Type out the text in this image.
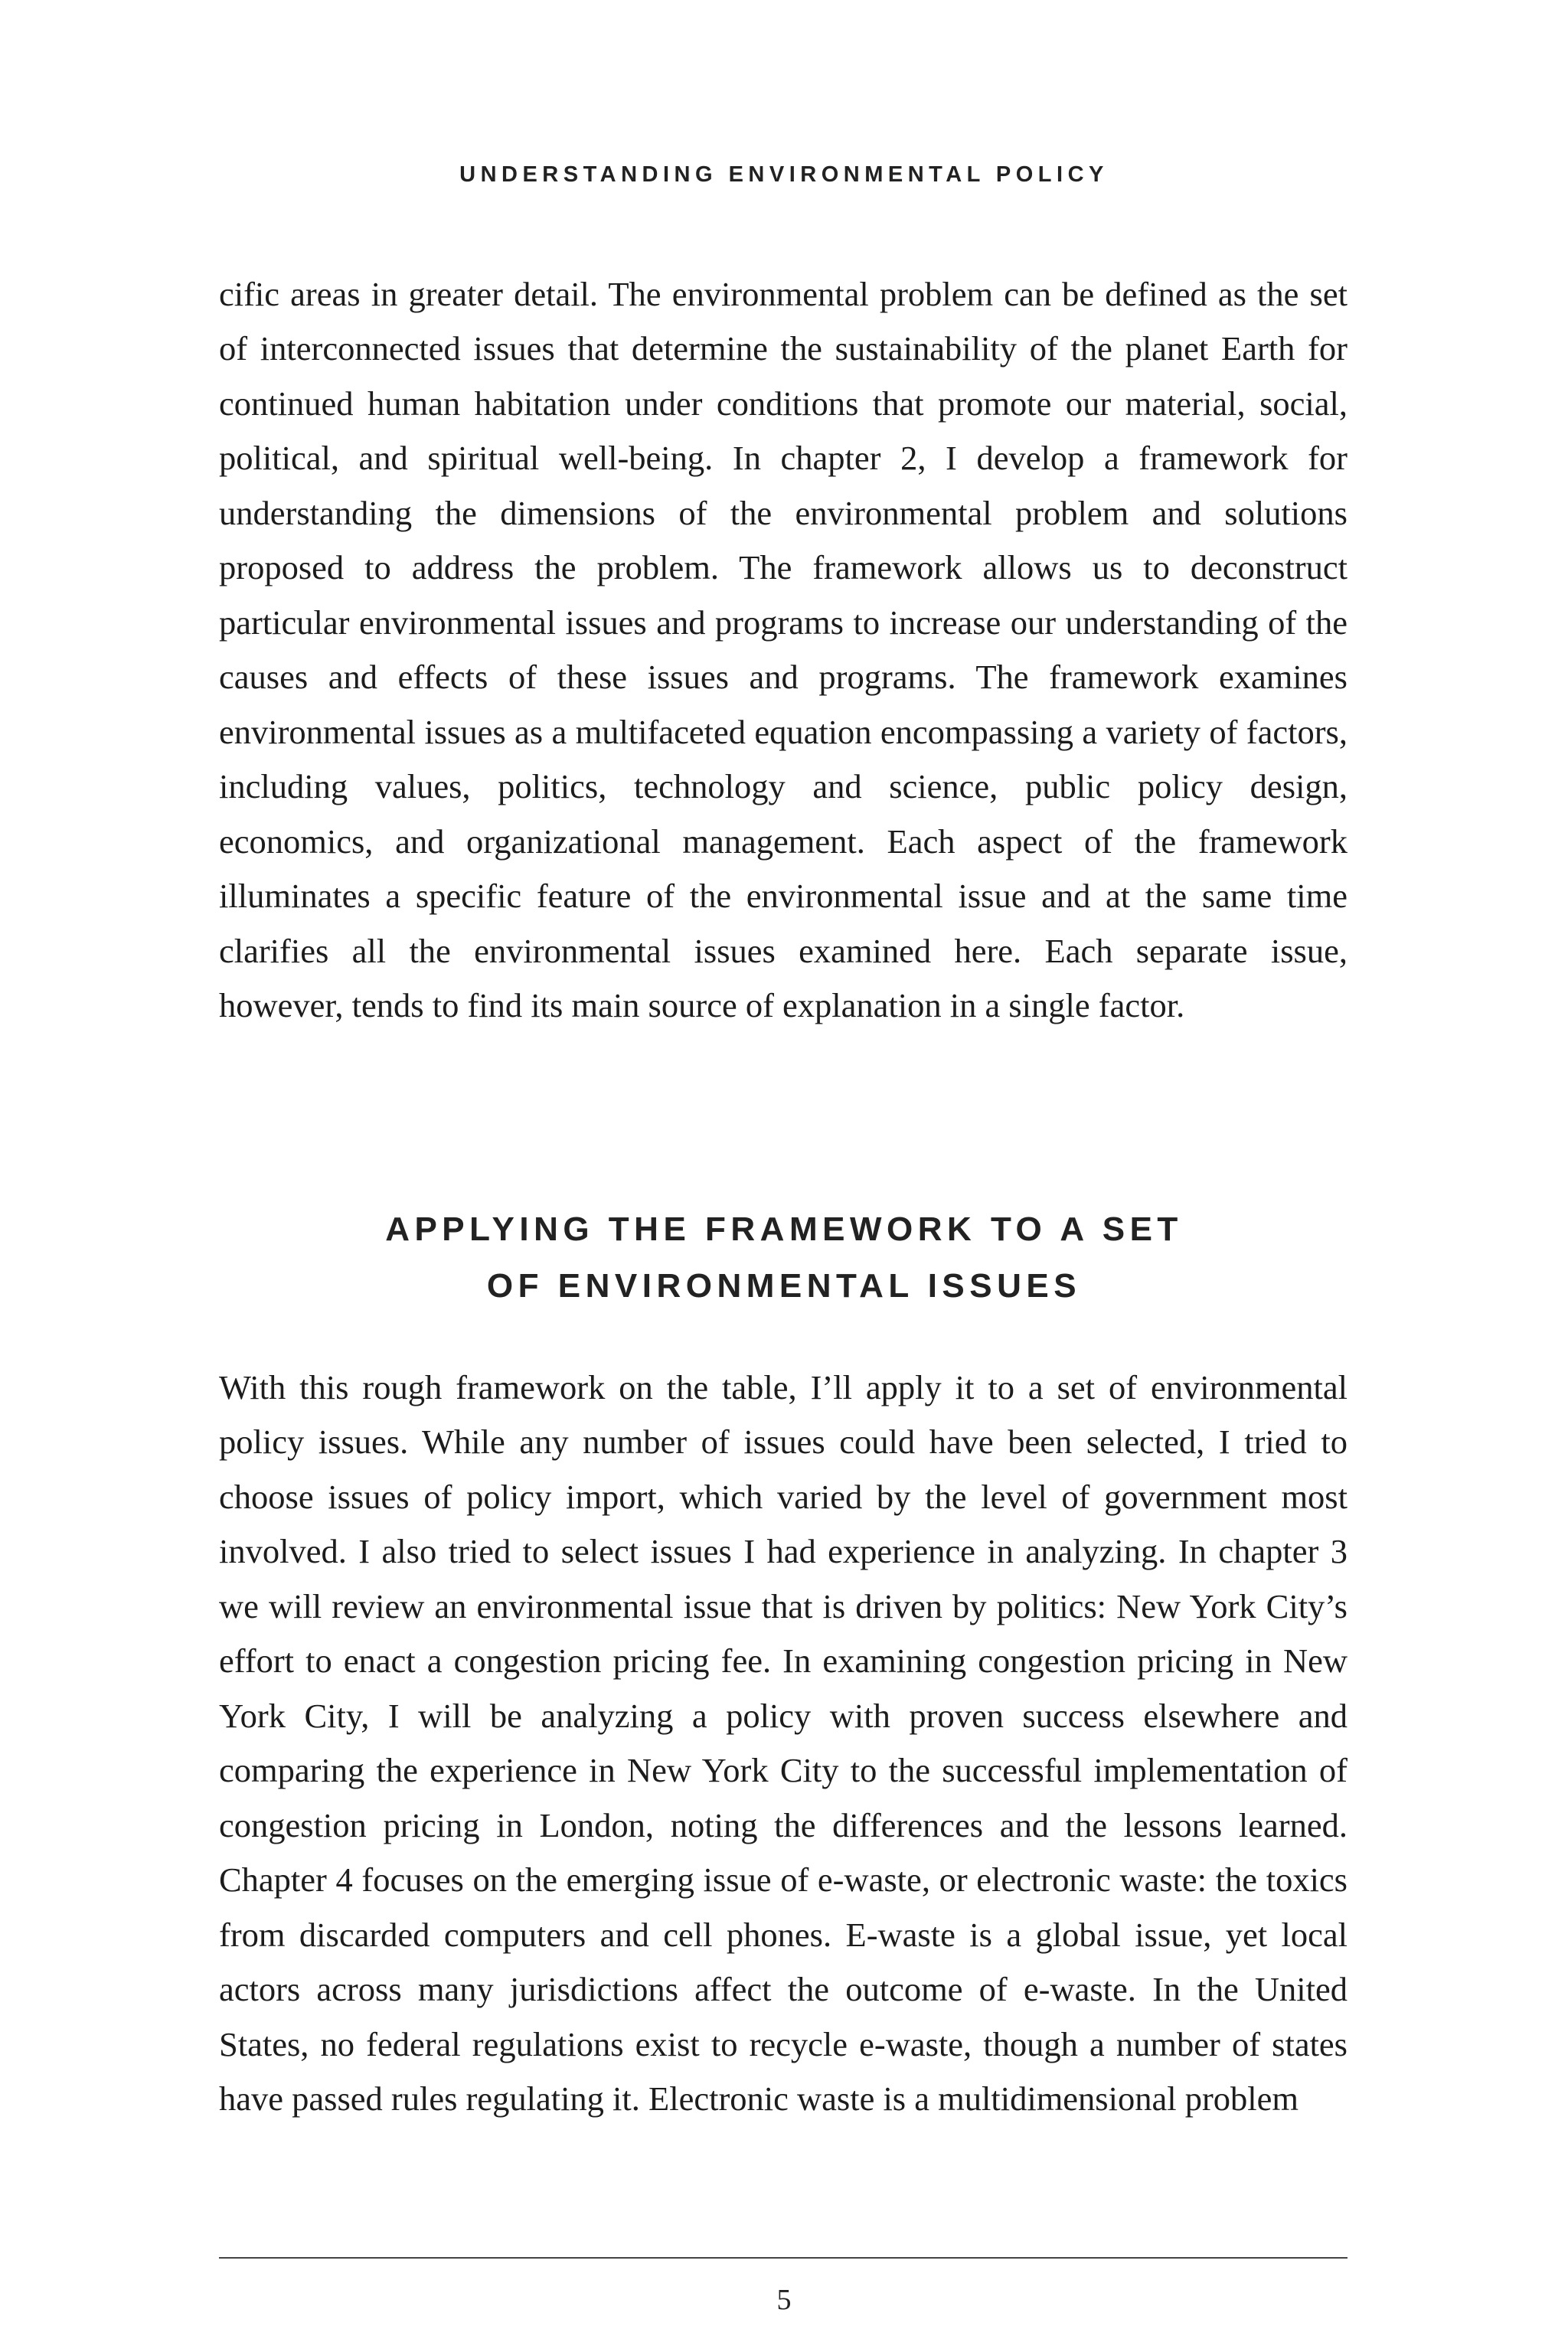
UNDERSTANDING ENVIRONMENTAL POLICY

cific areas in greater detail. The environmental problem can be defined as the set of interconnected issues that determine the sustainability of the planet Earth for continued human habitation under conditions that promote our material, social, political, and spiritual well-being. In chapter 2, I develop a framework for understanding the dimensions of the environmental problem and solutions proposed to address the problem. The framework allows us to deconstruct particular environmental issues and programs to increase our understanding of the causes and effects of these issues and programs. The framework examines environmental issues as a multifaceted equation encompassing a variety of factors, including values, politics, technology and science, public policy design, economics, and organizational management. Each aspect of the framework illuminates a specific feature of the environmental issue and at the same time clarifies all the environmental issues examined here. Each separate issue, however, tends to find its main source of explanation in a single factor.

APPLYING THE FRAMEWORK TO A SET
OF ENVIRONMENTAL ISSUES

With this rough framework on the table, I’ll apply it to a set of environmental policy issues. While any number of issues could have been selected, I tried to choose issues of policy import, which varied by the level of government most involved. I also tried to select issues I had experience in analyzing. In chapter 3 we will review an environmental issue that is driven by politics: New York City’s effort to enact a congestion pricing fee. In examining congestion pricing in New York City, I will be analyzing a policy with proven success elsewhere and comparing the experience in New York City to the successful implementation of congestion pricing in London, noting the differences and the lessons learned. Chapter 4 focuses on the emerging issue of e-waste, or electronic waste: the toxics from discarded computers and cell phones. E-waste is a global issue, yet local actors across many jurisdictions affect the outcome of e-waste. In the United States, no federal regulations exist to recycle e-waste, though a number of states have passed rules regulating it. Electronic waste is a multidimensional problem

5
